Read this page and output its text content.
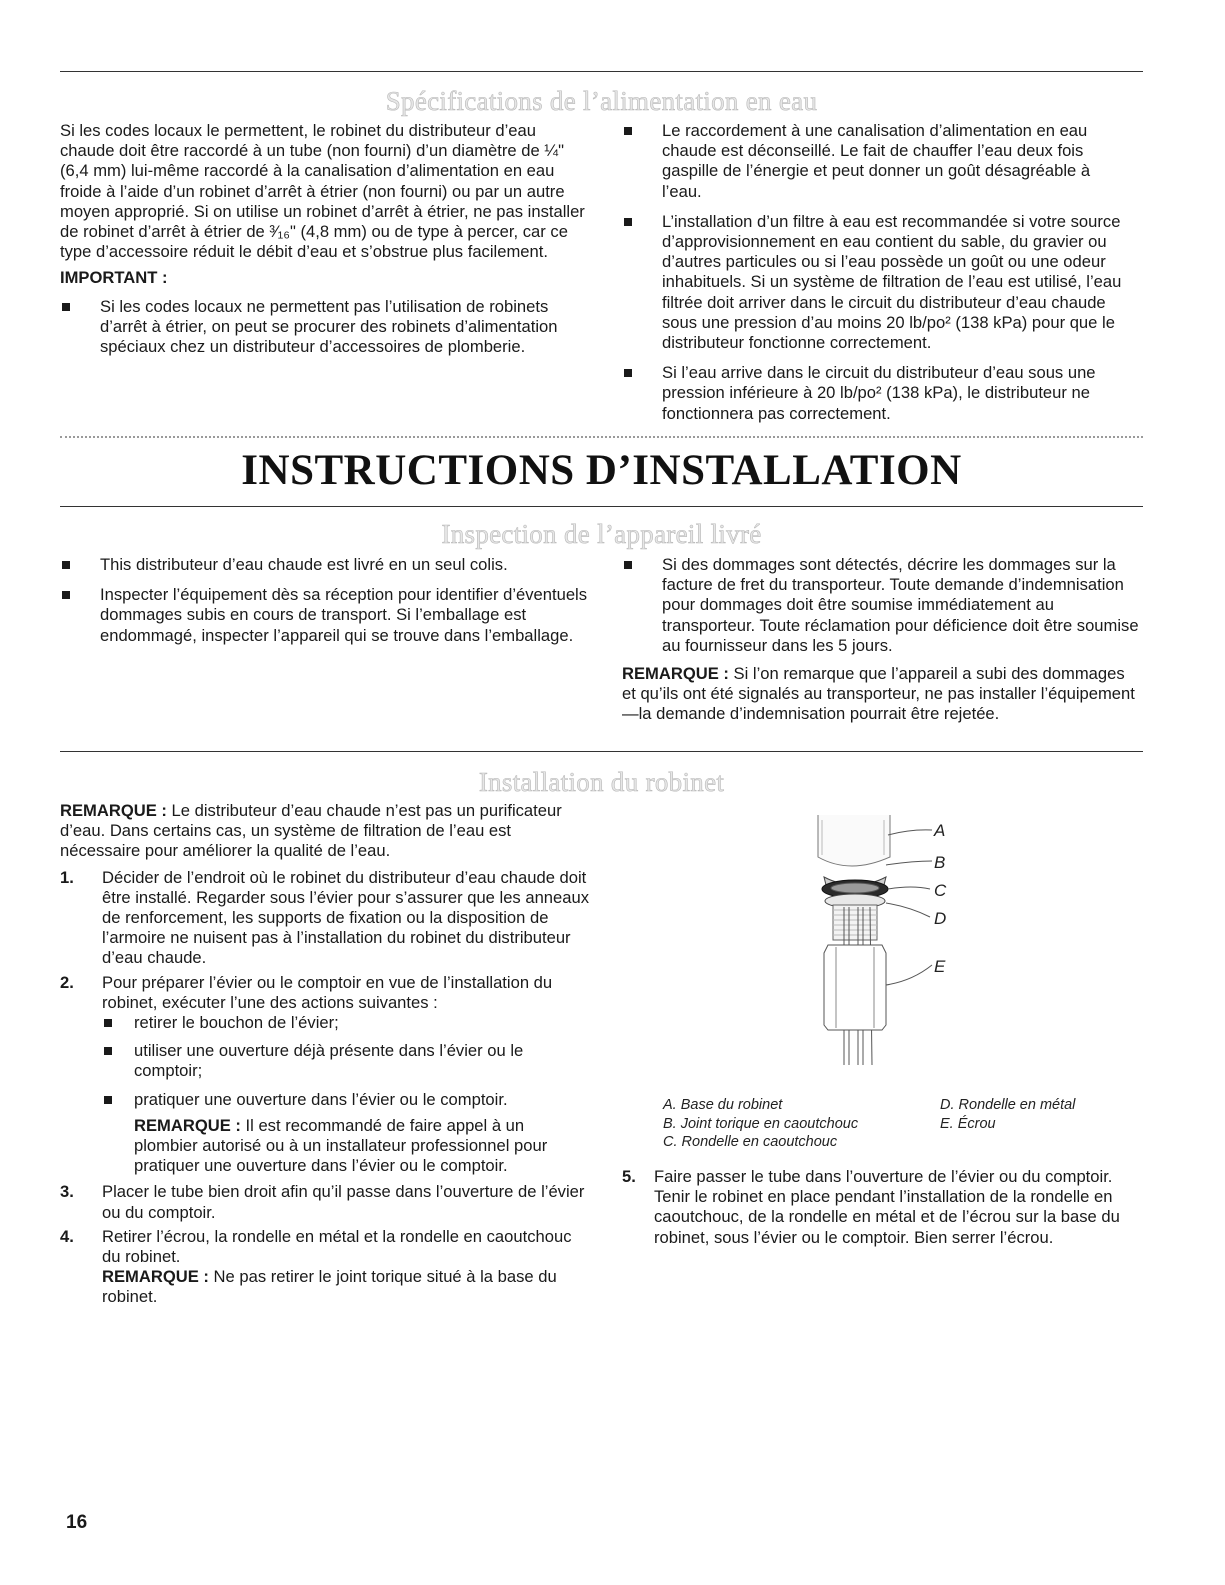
Spécifications de l’alimentation en eau

Si les codes locaux le permettent, le robinet du distributeur d’eau chaude doit être raccordé à un tube (non fourni) d’un diamètre de ¼" (6,4 mm) lui-même raccordé à la canalisation d’alimentation en eau froide à l’aide d’un robinet d’arrêt à étrier (non fourni) ou par un autre moyen approprié. Si on utilise un robinet d’arrêt à étrier, ne pas installer de robinet d’arrêt à étrier de ³⁄₁₆" (4,8 mm) ou de type à percer, car ce type d’accessoire réduit le débit d’eau et s’obstrue plus facilement.

IMPORTANT :

Si les codes locaux ne permettent pas l’utilisation de robinets d’arrêt à étrier, on peut se procurer des robinets d’alimentation spéciaux chez un distributeur d’accessoires de plomberie.
Le raccordement à une canalisation d’alimentation en eau chaude est déconseillé. Le fait de chauffer l’eau deux fois gaspille de l’énergie et peut donner un goût désagréable à l’eau.
L’installation d’un filtre à eau est recommandée si votre source d’approvisionnement en eau contient du sable, du gravier ou d’autres particules ou si l’eau possède un goût ou une odeur inhabituels. Si un système de filtration de l’eau est utilisé, l’eau filtrée doit arriver dans le circuit du distributeur d’eau chaude sous une pression d’au moins 20 lb/po² (138 kPa) pour que le distributeur fonctionne correctement.
Si l’eau arrive dans le circuit du distributeur d’eau sous une pression inférieure à 20 lb/po² (138 kPa), le distributeur ne fonctionnera pas correctement.
INSTRUCTIONS D’INSTALLATION
Inspection de l’appareil livré
This distributeur d’eau chaude est livré en un seul colis.
Inspecter l’équipement dès sa réception pour identifier d’éventuels dommages subis en cours de transport. Si l’emballage est endommagé, inspecter l’appareil qui se trouve dans l’emballage.
Si des dommages sont détectés, décrire les dommages sur la facture de fret du transporteur. Toute demande d’indemnisation pour dommages doit être soumise immédiatement au transporteur. Toute réclamation pour déficience doit être soumise au fournisseur dans les 5 jours.

REMARQUE : Si l’on remarque que l’appareil a subi des dommages et qu’ils ont été signalés au transporteur, ne pas installer l’équipement—la demande d’indemnisation pourrait être rejetée.

Installation du robinet

REMARQUE : Le distributeur d’eau chaude n’est pas un purificateur d’eau. Dans certains cas, un système de filtration de l’eau est nécessaire pour améliorer la qualité de l’eau.

1. Décider de l’endroit où le robinet du distributeur d’eau chaude doit être installé. Regarder sous l’évier pour s’assurer que les anneaux de renforcement, les supports de fixation ou la disposition de l’armoire ne nuisent pas à l’installation du robinet du distributeur d’eau chaude.
2. Pour préparer l’évier ou le comptoir en vue de l’installation du robinet, exécuter l’une des actions suivantes :
retirer le bouchon de l’évier;
utiliser une ouverture déjà présente dans l’évier ou le comptoir;
pratiquer une ouverture dans l’évier ou le comptoir.

REMARQUE : Il est recommandé de faire appel à un plombier autorisé ou à un installateur professionnel pour pratiquer une ouverture dans l’évier ou le comptoir.

3. Placer le tube bien droit afin qu’il passe dans l’ouverture de l’évier ou du comptoir.
4. Retirer l’écrou, la rondelle en métal et la rondelle en caoutchouc du robinet.

REMARQUE : Ne pas retirer le joint torique situé à la base du robinet.

A
B
C
D
E
A. Base du robinet
B. Joint torique en caoutchouc
C. Rondelle en caoutchouc
D. Rondelle en métal
E. Écrou
5. Faire passer le tube dans l’ouverture de l’évier ou du comptoir. Tenir le robinet en place pendant l’installation de la rondelle en caoutchouc, de la rondelle en métal et de l’écrou sur la base du robinet, sous l’évier ou le comptoir. Bien serrer l’écrou.
16
